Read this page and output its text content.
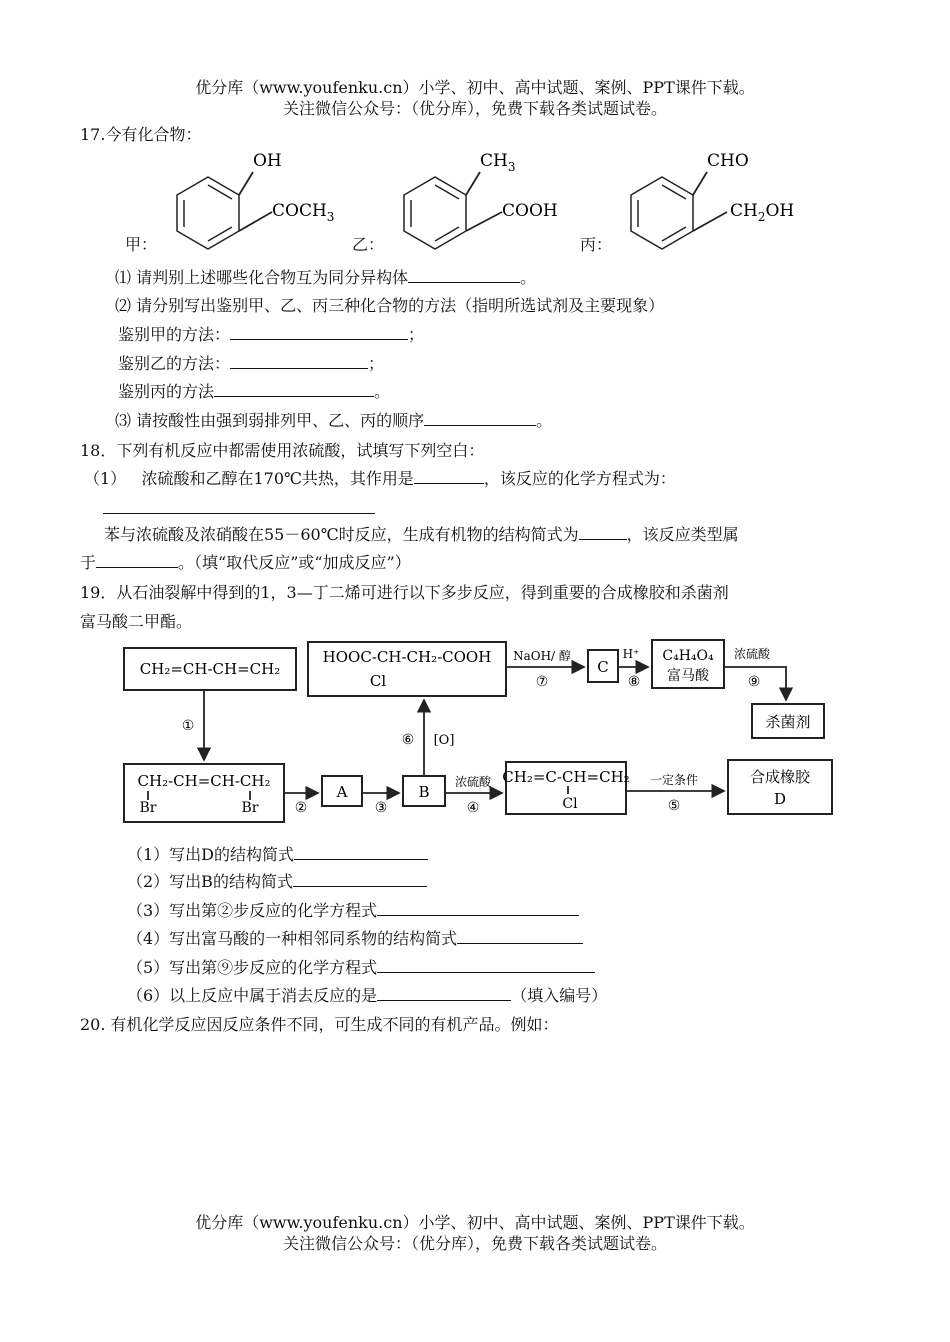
优分库（www.youfenku.cn）小学、初中、高中试题、案例、PPT课件下载。
关注微信公众号：（优分库），免费下载各类试题试卷。
17.今有化合物：
OH
$COCH_3$
$CH_3$
COOH
CHO
$CH_2OH$
甲：	乙：	丙：
⑴ 请判别上述哪些化合物互为同分异构体	。
⑵ 请分别写出鉴别甲、乙、丙三种化合物的方法（指明所选试剂及主要现象）
鉴别甲的方法：	；
鉴别乙的方法：	；
鉴别丙的方法	。
⑶ 请按酸性由强到弱排列甲、乙、丙的顺序	。
18．下列有机反应中都需使用浓硫酸，试填写下列空白：
（1） 浓硫酸和乙醇在170℃共热，其作用是	，该反应的化学方程式为：
苯与浓硫酸及浓硝酸在55－60℃时反应，生成有机物的结构简式为	，该反应类型属
于	。（填“取代反应”或“加成反应”）
19．从石油裂解中得到的1，3—丁二烯可进行以下多步反应，得到重要的合成橡胶和杀菌剂
富马酸二甲酯。
CH₂=CH-CH=CH₂
HOOC-CH-CH₂-COOH
Cl
C
C₄H₄O₄
富马酸
杀菌剂
CH₂-CH=CH-CH₂
Br	Br
A	B
CH₂=C-CH=CH₂
Cl
合成橡胶
D
①
②	③
浓硫酸
④
一定条件
⑤
⑥ [O]
NaOH/ 醇
⑦
H⁺
⑧
浓硫酸
⑨
（1）写出D的结构简式
（2）写出B的结构简式
（3）写出第②步反应的化学方程式
（4）写出富马酸的一种相邻同系物的结构简式
（5）写出第⑨步反应的化学方程式
（6）以上反应中属于消去反应的是	（填入编号）
20. 有机化学反应因反应条件不同，可生成不同的有机产品。例如：
优分库（www.youfenku.cn）小学、初中、高中试题、案例、PPT课件下载。
关注微信公众号：（优分库），免费下载各类试题试卷。
